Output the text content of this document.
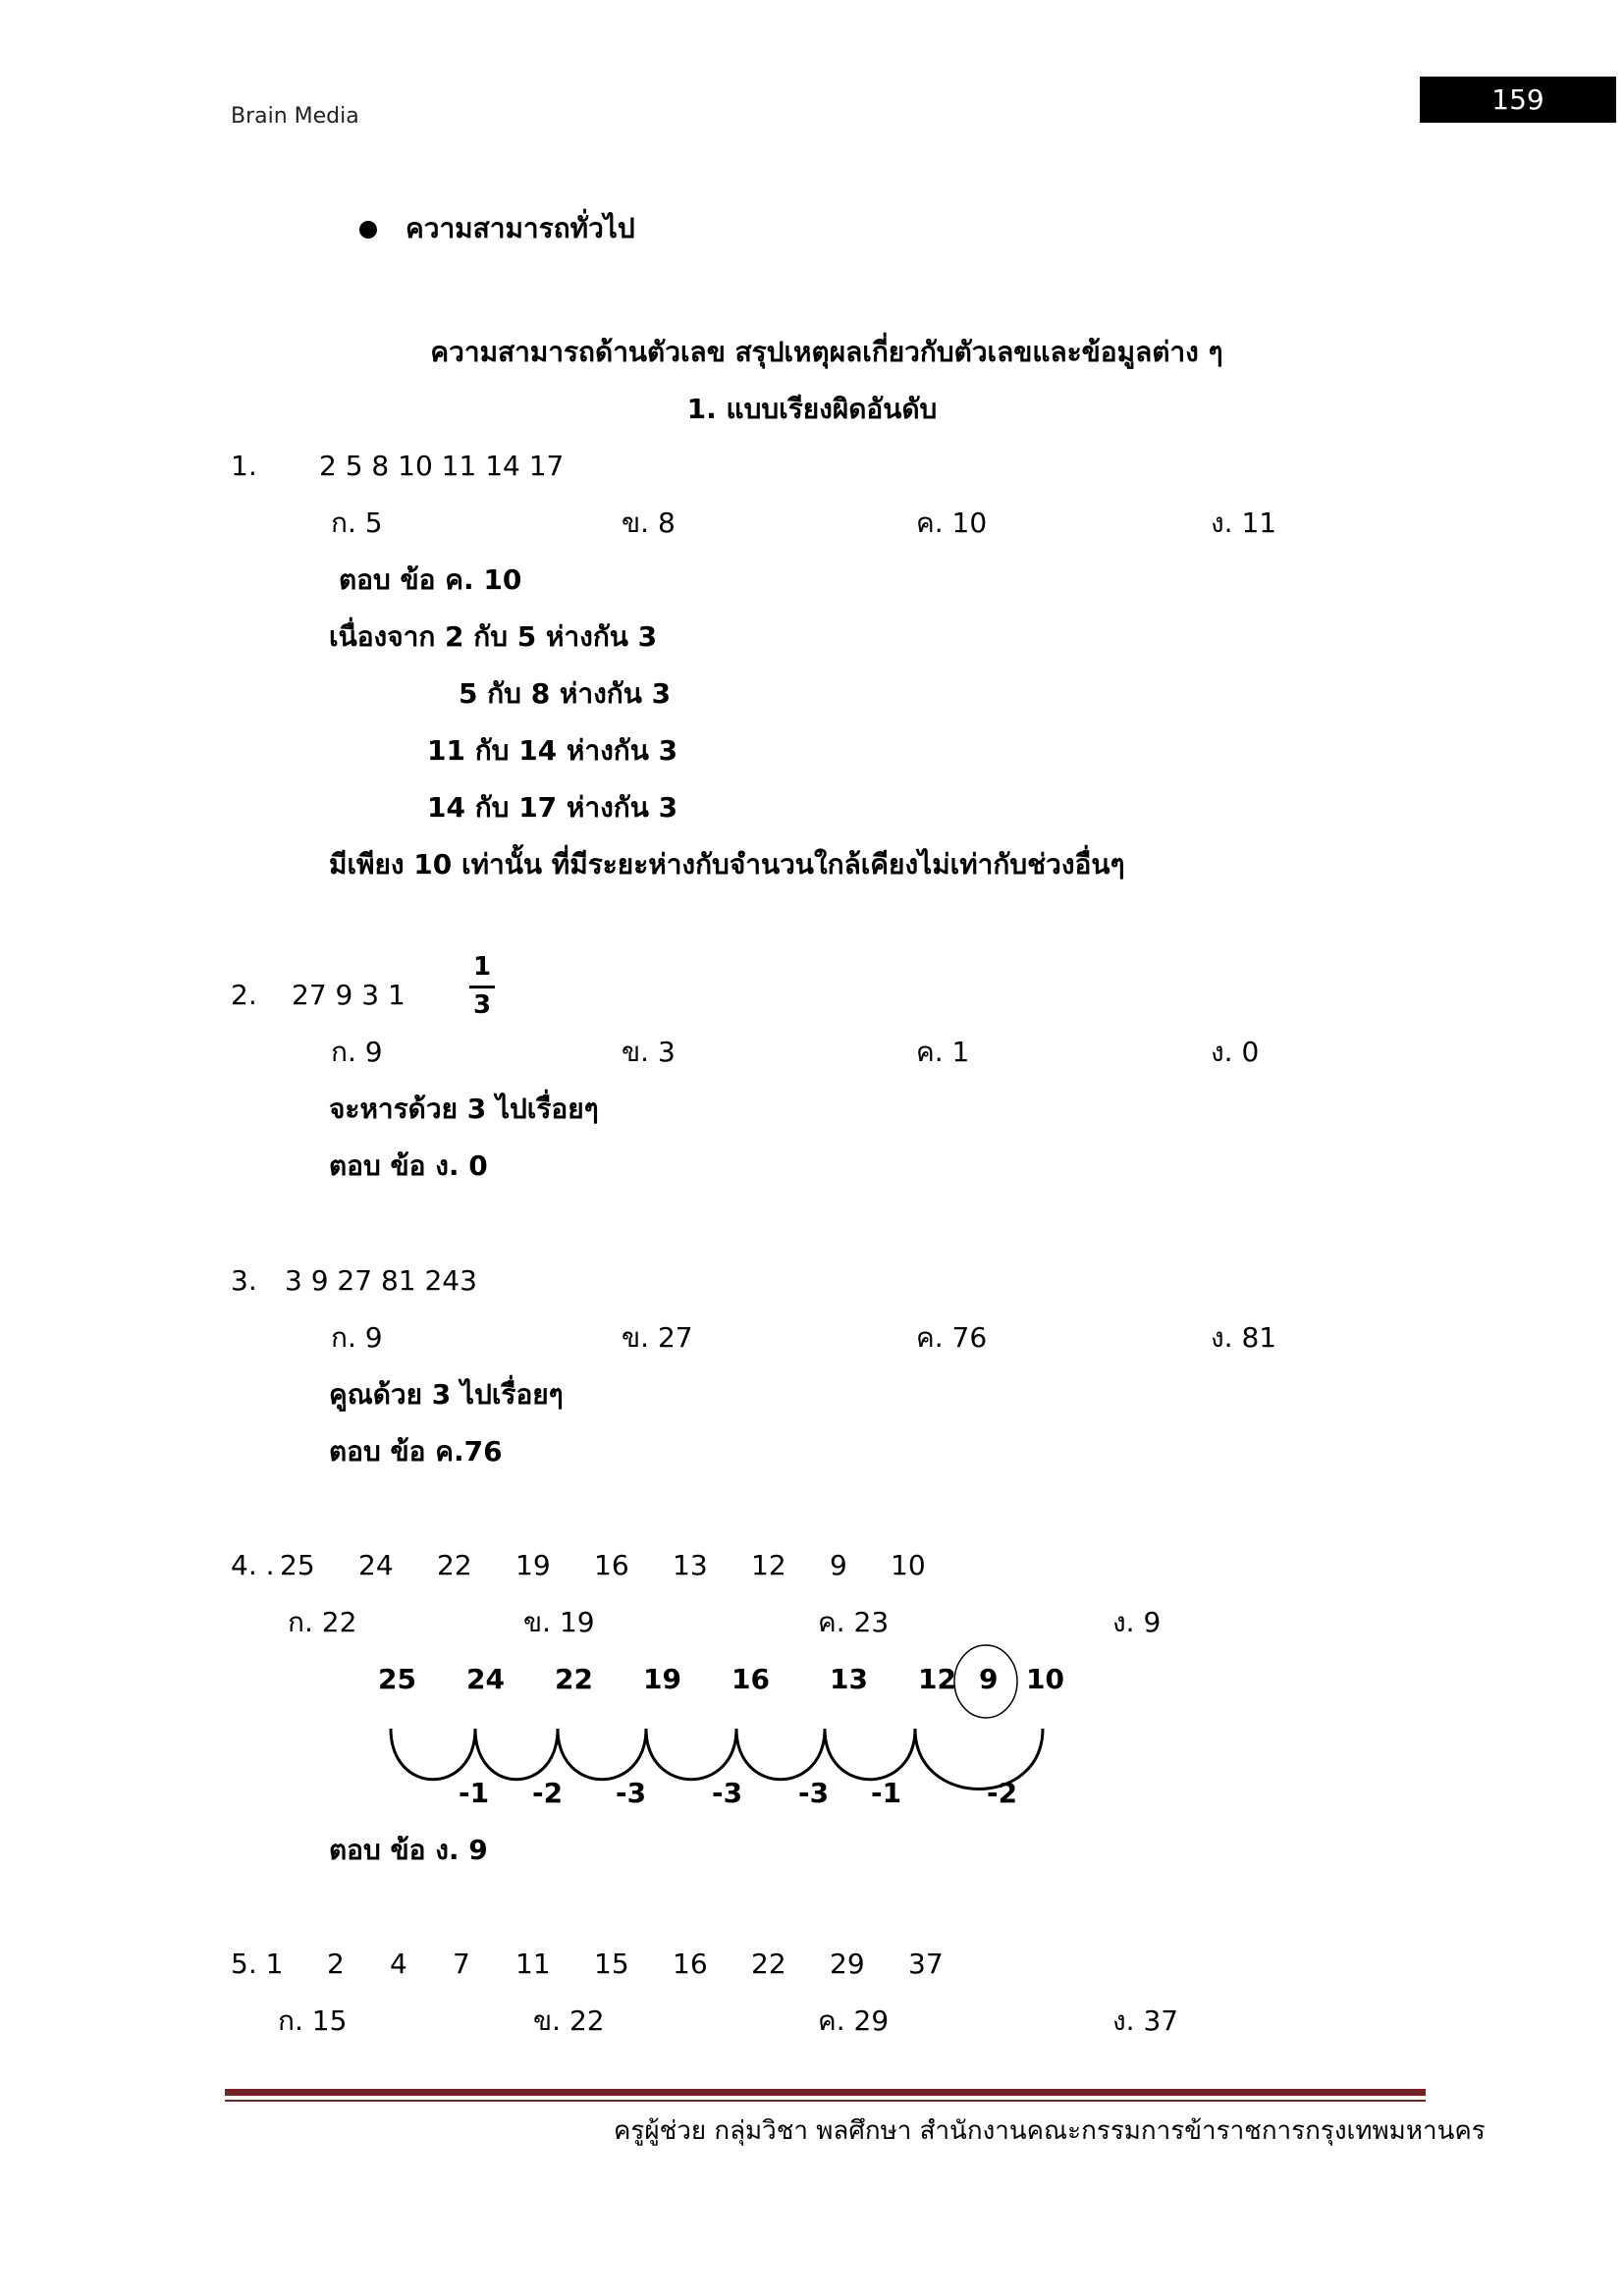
Brain Media
159
ความสามารถทั่วไป
ความสามารถด้านตัวเลข สรุปเหตุผลเกี่ยวกับตัวเลขและข้อมูลต่าง ๆ
1. แบบเรียงผิดอันดับ
1. 2 5 8 10 11 14 17
ก. 5	ข. 8	ค. 10	ง. 11
ตอบ ข้อ ค. 10
เนื่องจาก 2 กับ 5 ห่างกัน 3
5 กับ 8 ห่างกัน 3
11 กับ 14 ห่างกัน 3
14 กับ 17 ห่างกัน 3
มีเพียง 10 เท่านั้น ที่มีระยะห่างกับจำนวนใกล้เคียงไม่เท่ากับช่วงอื่นๆ
2. 27 9 3 1
1
3
ก. 9	ข. 3	ค. 1	ง. 0
จะหารด้วย 3 ไปเรื่อยๆ
ตอบ ข้อ ง. 0
3. 3 9 27 81 243
ก. 9	ข. 27	ค. 76	ง. 81
คูณด้วย 3 ไปเรื่อยๆ
ตอบ ข้อ ค.76
4. . 25 24 22 19 16 13 12 9 10
ก. 22	ข. 19	ค. 23	ง. 9
25 24 22 19 16 13 12 9 10
-1 -2 -3 -3 -3 -1	-2
ตอบ ข้อ ง. 9
5. 1 2 4 7 11 15 16 22 29 37
ก. 15	ข. 22	ค. 29	ง. 37
ครูผู้ช่วย กลุ่มวิชา พลศึกษา สำนักงานคณะกรรมการข้าราชการกรุงเทพมหานคร
